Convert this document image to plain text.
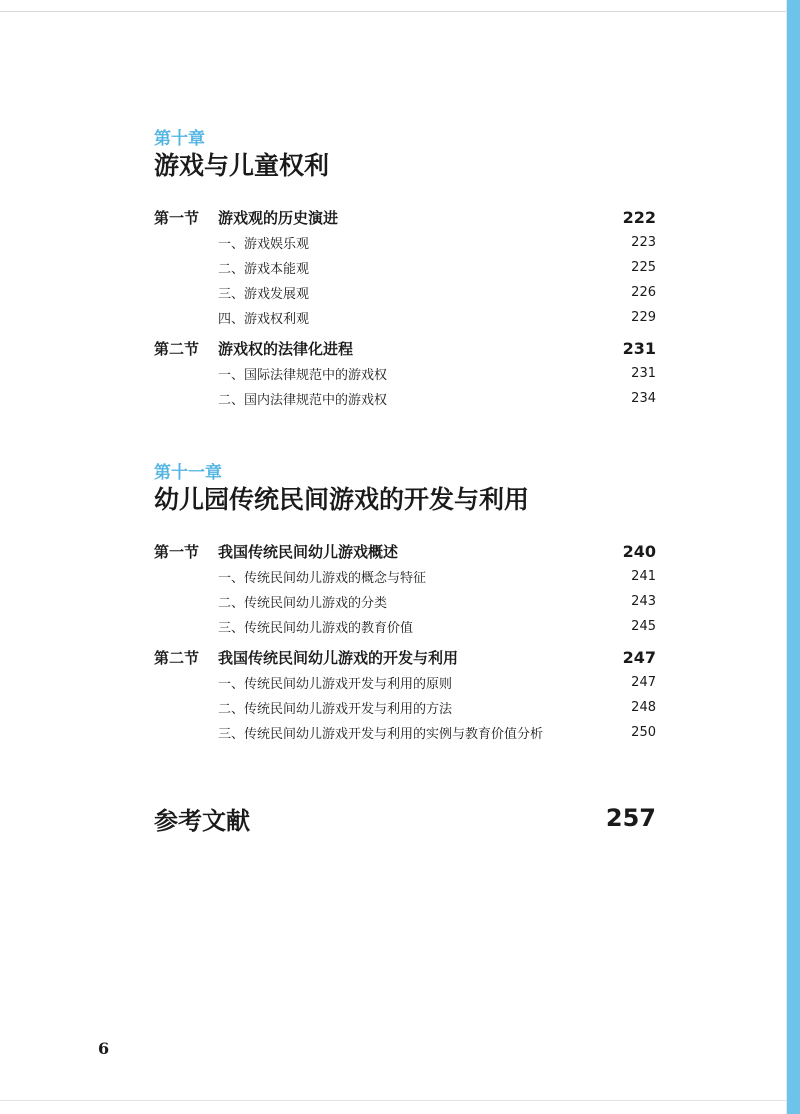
第十章
游戏与儿童权利
第一节	游戏观的历史演进	222
一、游戏娱乐观	223
二、游戏本能观	225
三、游戏发展观	226
四、游戏权利观	229
第二节	游戏权的法律化进程	231
一、国际法律规范中的游戏权	231
二、国内法律规范中的游戏权	234
第十一章
幼儿园传统民间游戏的开发与利用
第一节	我国传统民间幼儿游戏概述	240
一、传统民间幼儿游戏的概念与特征	241
二、传统民间幼儿游戏的分类	243
三、传统民间幼儿游戏的教育价值	245
第二节	我国传统民间幼儿游戏的开发与利用	247
一、传统民间幼儿游戏开发与利用的原则	247
二、传统民间幼儿游戏开发与利用的方法	248
三、传统民间幼儿游戏开发与利用的实例与教育价值分析	250
参考文献	257
6
